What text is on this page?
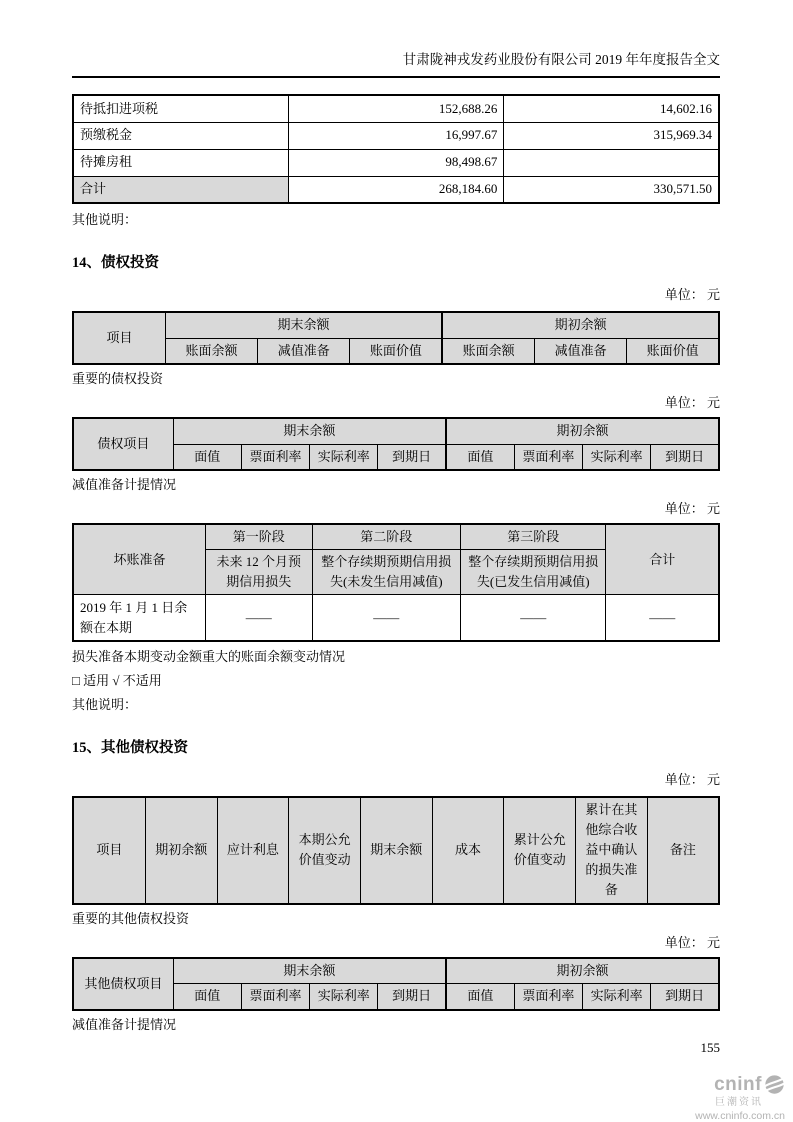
甘肃陇神戎发药业股份有限公司 2019 年年度报告全文
待抵扣进项税	152,688.26	14,602.16
预缴税金	16,997.67	315,969.34
待摊房租	98,498.67	
合计	268,184.60	330,571.50

其他说明：

14、债权投资
单位： 元
项目	期末余额			期初余额		
	账面余额	减值准备	账面价值	账面余额	减值准备	账面价值

重要的债权投资

单位： 元
债权项目	期末余额				期初余额			
	面值	票面利率	实际利率	到期日	面值	票面利率	实际利率	到期日

减值准备计提情况

单位： 元
坏账准备	第一阶段	第二阶段	第三阶段	合计
	未来 12 个月预期信用损失	整个存续期预期信用损失(未发生信用减值)	整个存续期预期信用损失(已发生信用减值)	
2019 年 1 月 1 日余额在本期	——	——	——	——

损失准备本期变动金额重大的账面余额变动情况

□ 适用 √ 不适用

其他说明：

15、其他债权投资
单位： 元
项目	期初余额	应计利息	本期公允价值变动	期末余额	成本	累计公允价值变动	累计在其他综合收益中确认的损失准备	备注

重要的其他债权投资

单位： 元
其他债权项目	期末余额				期初余额			
	面值	票面利率	实际利率	到期日	面值	票面利率	实际利率	到期日

减值准备计提情况

155
cninf
巨潮资讯
www.cninfo.com.cn
